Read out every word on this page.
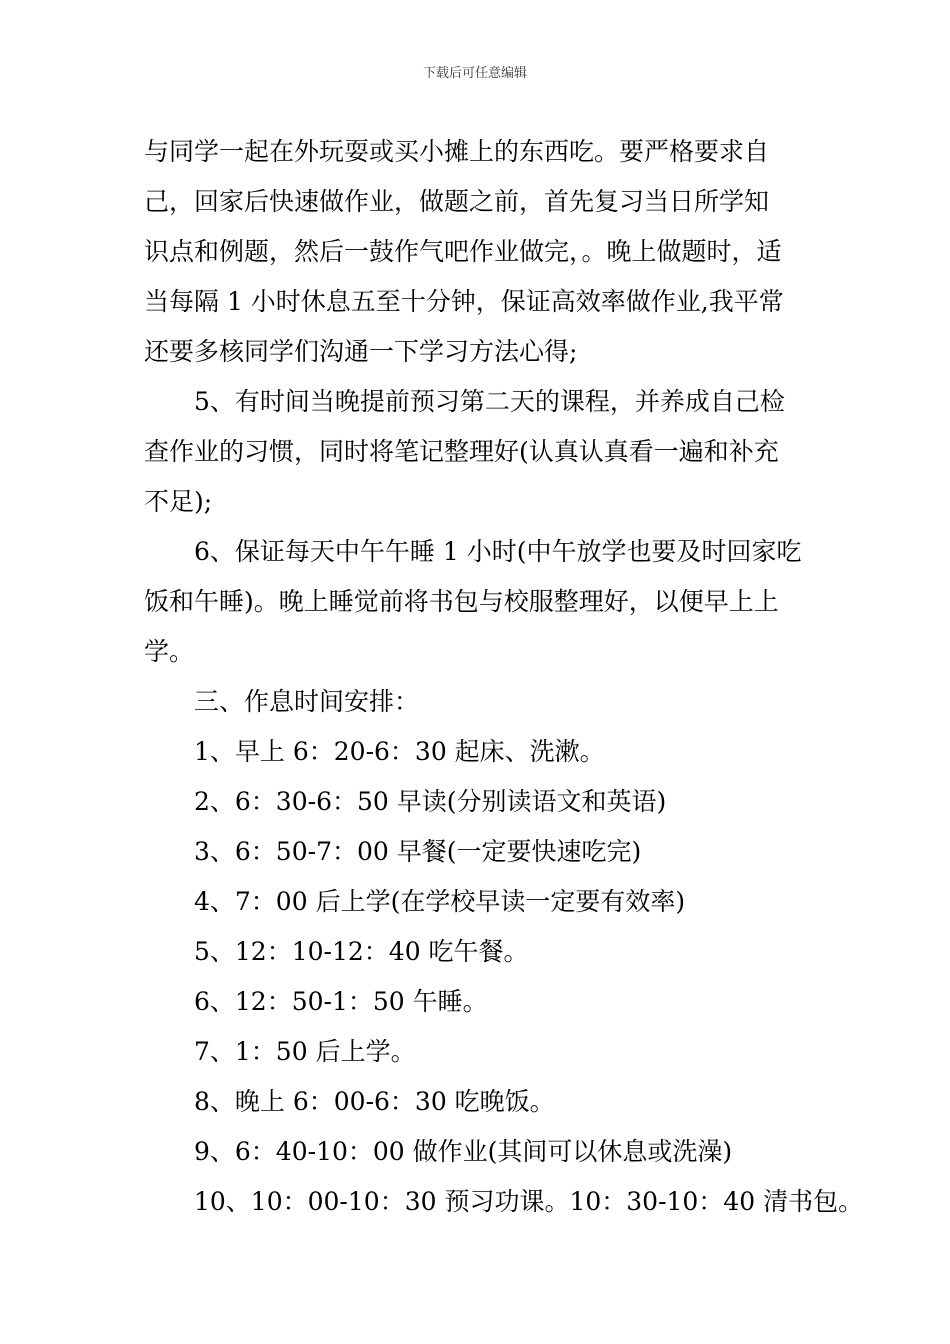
下载后可任意编辑

与同学一起在外玩耍或买小摊上的东西吃。要严格要求自

己，回家后快速做作业，做题之前，首先复习当日所学知

识点和例题，然后一鼓作气吧作业做完，。晚上做题时，适

当每隔 1 小时休息五至十分钟，保证高效率做作业,我平常

还要多核同学们沟通一下学习方法心得;

5、有时间当晚提前预习第二天的课程，并养成自己检

查作业的习惯，同时将笔记整理好(认真认真看一遍和补充

不足);

6、保证每天中午午睡 1 小时(中午放学也要及时回家吃

饭和午睡)。晚上睡觉前将书包与校服整理好，以便早上上

学。

三、作息时间安排：

1、早上 6：20-6：30 起床、洗漱。

2、6：30-6：50 早读(分别读语文和英语)

3、6：50-7：00 早餐(一定要快速吃完)

4、7：00 后上学(在学校早读一定要有效率)

5、12：10-12：40 吃午餐。

6、12：50-1：50 午睡。

7、1：50 后上学。

8、晚上 6：00-6：30 吃晚饭。

9、6：40-10：00 做作业(其间可以休息或洗澡)

10、10：00-10：30 预习功课。10：30-10：40 清书包。
